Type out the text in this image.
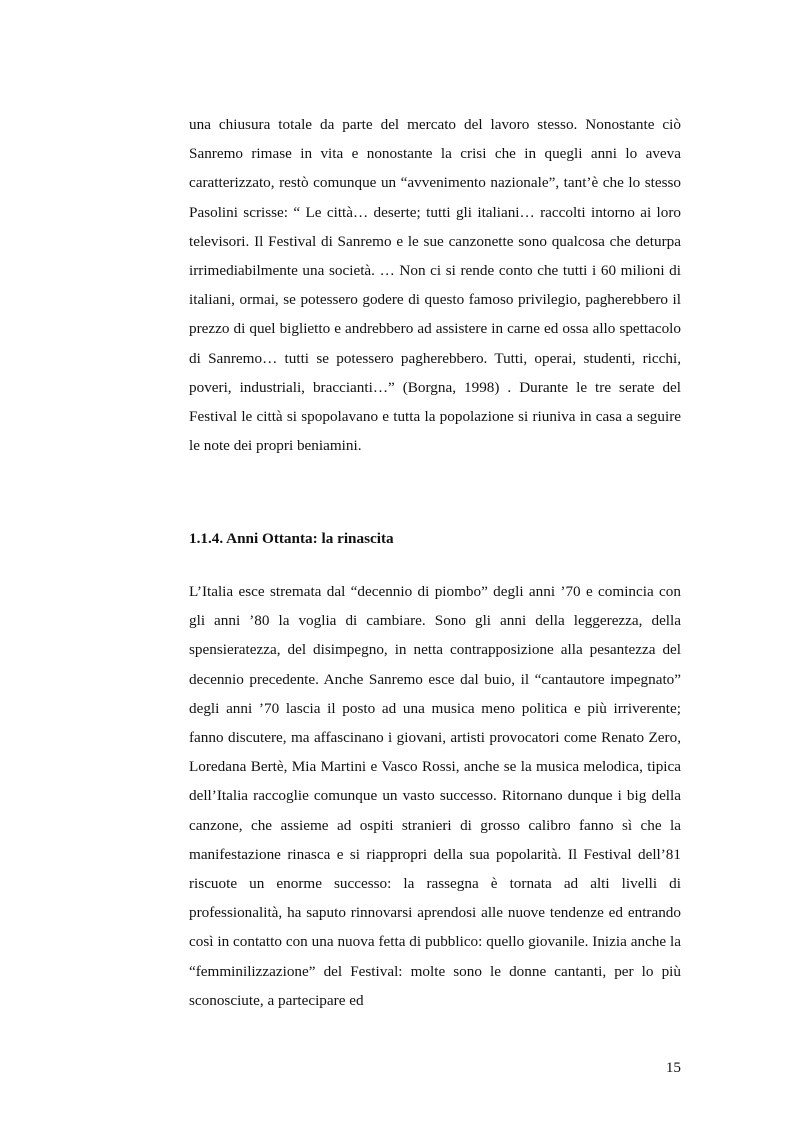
una chiusura totale da parte del mercato del lavoro stesso. Nonostante ciò Sanremo rimase in vita e nonostante la crisi che in quegli anni lo aveva caratterizzato, restò comunque un “avvenimento nazionale”, tant’è che lo stesso Pasolini scrisse: “ Le città… deserte; tutti gli italiani… raccolti intorno ai loro televisori. Il Festival di Sanremo e le sue canzonette sono qualcosa che deturpa irrimediabilmente una società. … Non ci si rende conto che tutti i 60 milioni di italiani, ormai, se potessero godere di questo famoso privilegio, pagherebbero il prezzo di quel biglietto e andrebbero ad assistere in carne ed ossa allo spettacolo di Sanremo… tutti se potessero pagherebbero. Tutti, operai, studenti, ricchi, poveri, industriali, braccianti…” (Borgna, 1998) . Durante le tre serate del Festival le città si spopolavano e tutta la popolazione si riuniva in casa a seguire le note dei propri beniamini.

1.1.4. Anni Ottanta: la rinascita

L’Italia esce stremata dal “decennio di piombo” degli anni ’70 e comincia con gli anni ’80 la voglia di cambiare. Sono gli anni della leggerezza, della spensieratezza, del disimpegno, in netta contrapposizione alla pesantezza del decennio precedente. Anche Sanremo esce dal buio, il “cantautore impegnato” degli anni ’70 lascia il posto ad una musica meno politica e più irriverente; fanno discutere, ma affascinano i giovani, artisti provocatori come Renato Zero, Loredana Bertè, Mia Martini e Vasco Rossi, anche se la musica melodica, tipica dell’Italia raccoglie comunque un vasto successo. Ritornano dunque i big della canzone, che assieme ad ospiti stranieri di grosso calibro fanno sì che la manifestazione rinasca e si riappropri della sua popolarità. Il Festival dell’81 riscuote un enorme successo: la rassegna è tornata ad alti livelli di professionalità, ha saputo rinnovarsi aprendosi alle nuove tendenze ed entrando così in contatto con una nuova fetta di pubblico: quello giovanile. Inizia anche la “femminilizzazione” del Festival: molte sono le donne cantanti, per lo più sconosciute, a partecipare ed

15
